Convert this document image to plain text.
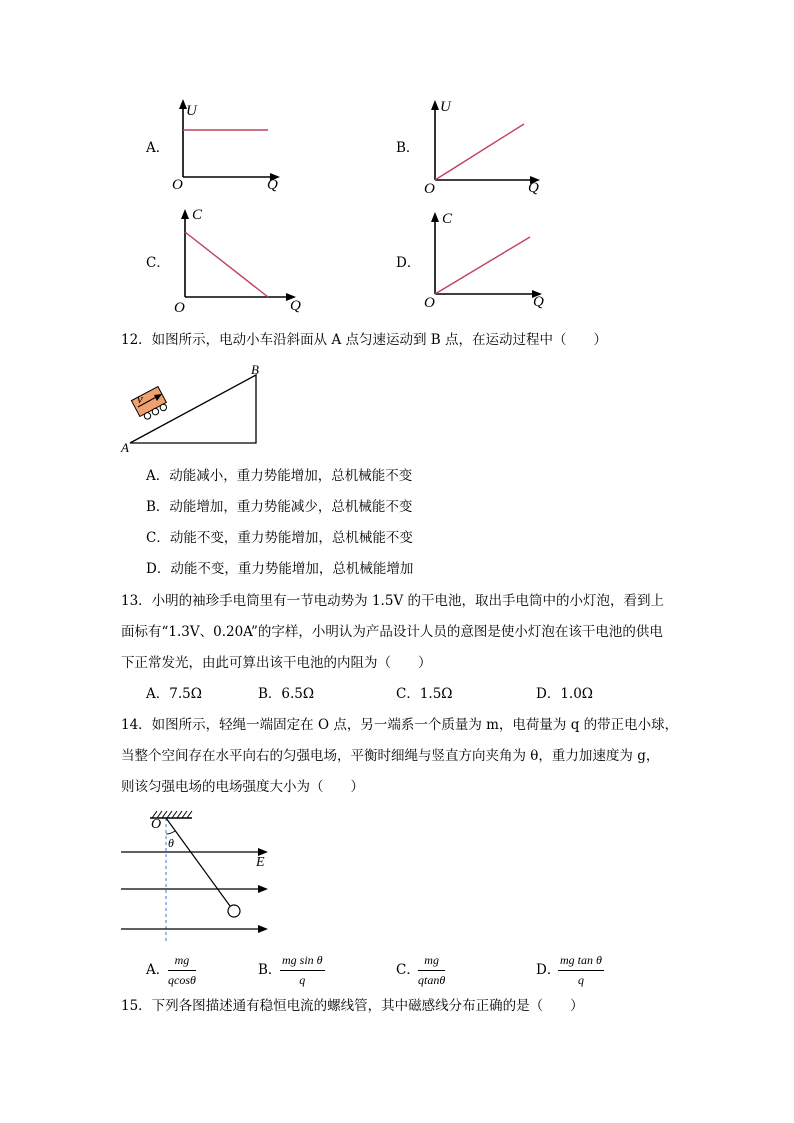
A．
U
O	Q
B．
U
O	Q
C．
C
O	Q
D．
C
O	Q
12．如图所示，电动小车沿斜面从 A 点匀速运动到 B 点，在运动过程中（　　）
A
B
v
A．动能减小，重力势能增加，总机械能不变
B．动能增加，重力势能减少，总机械能不变
C．动能不变，重力势能增加，总机械能不变
D．动能不变，重力势能增加，总机械能增加
13．小明的袖珍手电筒里有一节电动势为 1.5V 的干电池，取出手电筒中的小灯泡，看到上
面标有“1.3V、0.20A”的字样，小明认为产品设计人员的意图是使小灯泡在该干电池的供电
下正常发光，由此可算出该干电池的内阻为（　　）
A．7.5Ω	B．6.5Ω	C．1.5Ω	D．1.0Ω
14．如图所示，轻绳一端固定在 O 点，另一端系一个质量为 m，电荷量为 q 的带正电小球，
当整个空间存在水平向右的匀强电场，平衡时细绳与竖直方向夹角为 θ，重力加速度为 g，
则该匀强电场的电场强度大小为（　　）
O
θ
E
A．
$\frac{mg}{qcos\theta}$	B．
$\frac{\text{mg sin θ}}{q}$	C．
$\frac{mg}{qtan\theta}$	D．
$\frac{\text{mg tan θ}}{q}$
15．下列各图描述通有稳恒电流的螺线管，其中磁感线分布正确的是（　　）
